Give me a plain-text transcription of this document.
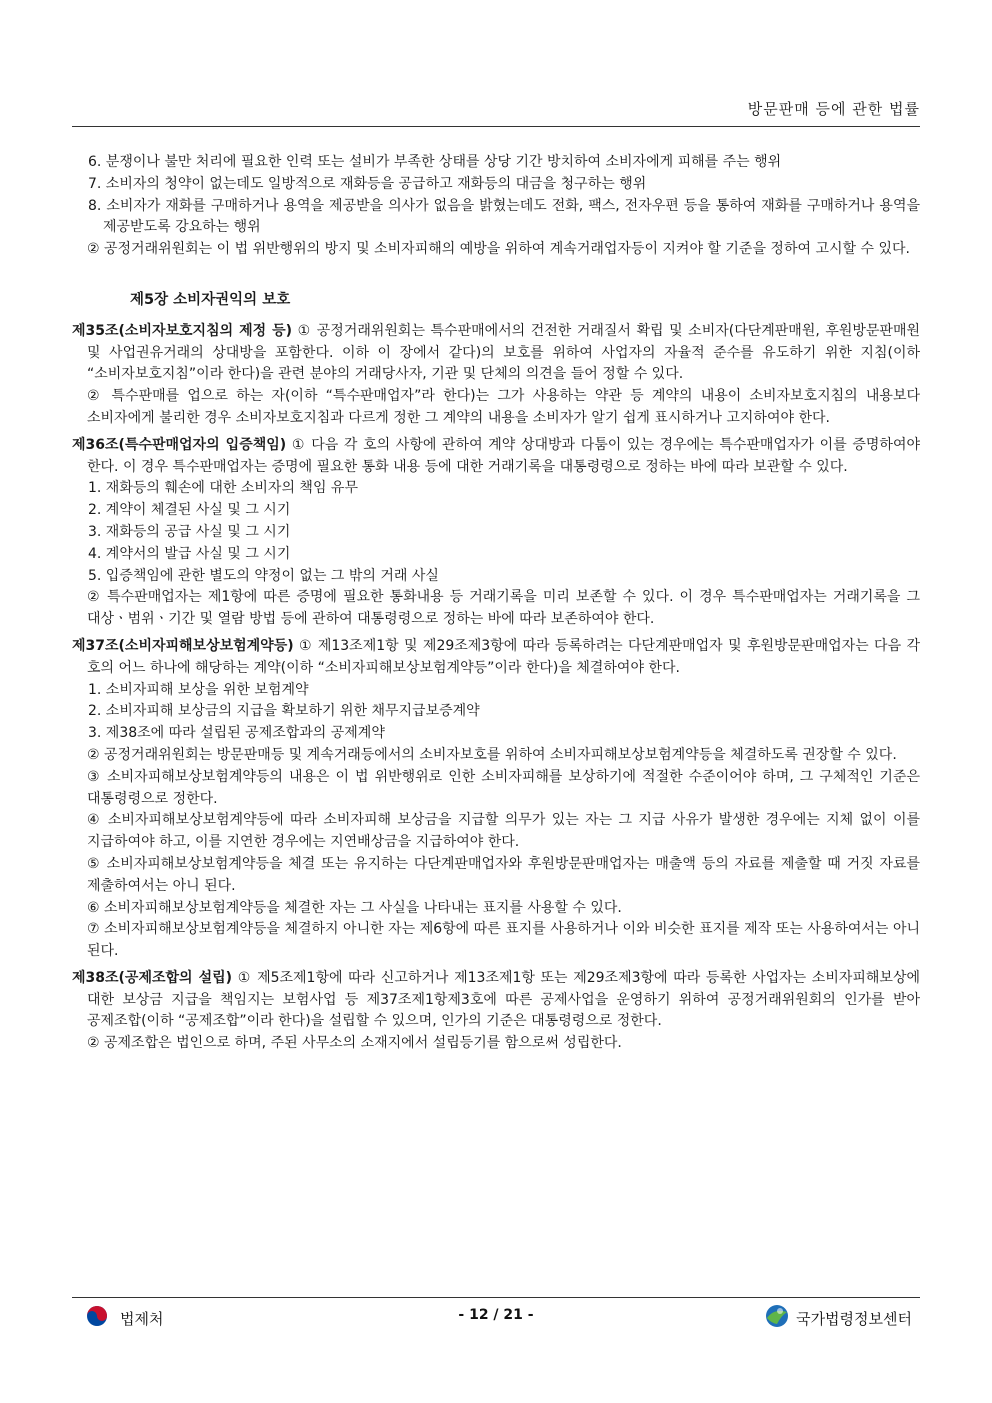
방문판매 등에 관한 법률

6. 분쟁이나 불만 처리에 필요한 인력 또는 설비가 부족한 상태를 상당 기간 방치하여 소비자에게 피해를 주는 행위

7. 소비자의 청약이 없는데도 일방적으로 재화등을 공급하고 재화등의 대금을 청구하는 행위

8. 소비자가 재화를 구매하거나 용역을 제공받을 의사가 없음을 밝혔는데도 전화, 팩스, 전자우편 등을 통하여 재화를 구매하거나 용역을 제공받도록 강요하는 행위

② 공정거래위원회는 이 법 위반행위의 방지 및 소비자피해의 예방을 위하여 계속거래업자등이 지켜야 할 기준을 정하여 고시할 수 있다.

제5장 소비자권익의 보호

제35조(소비자보호지침의 제정 등) ① 공정거래위원회는 특수판매에서의 건전한 거래질서 확립 및 소비자(다단계판매원, 후원방문판매원 및 사업권유거래의 상대방을 포함한다. 이하 이 장에서 같다)의 보호를 위하여 사업자의 자율적 준수를 유도하기 위한 지침(이하 “소비자보호지침”이라 한다)을 관련 분야의 거래당사자, 기관 및 단체의 의견을 들어 정할 수 있다.

② 특수판매를 업으로 하는 자(이하 “특수판매업자”라 한다)는 그가 사용하는 약관 등 계약의 내용이 소비자보호지침의 내용보다 소비자에게 불리한 경우 소비자보호지침과 다르게 정한 그 계약의 내용을 소비자가 알기 쉽게 표시하거나 고지하여야 한다.

제36조(특수판매업자의 입증책임) ① 다음 각 호의 사항에 관하여 계약 상대방과 다툼이 있는 경우에는 특수판매업자가 이를 증명하여야 한다. 이 경우 특수판매업자는 증명에 필요한 통화 내용 등에 대한 거래기록을 대통령령으로 정하는 바에 따라 보관할 수 있다.

1. 재화등의 훼손에 대한 소비자의 책임 유무

2. 계약이 체결된 사실 및 그 시기

3. 재화등의 공급 사실 및 그 시기

4. 계약서의 발급 사실 및 그 시기

5. 입증책임에 관한 별도의 약정이 없는 그 밖의 거래 사실

② 특수판매업자는 제1항에 따른 증명에 필요한 통화내용 등 거래기록을 미리 보존할 수 있다. 이 경우 특수판매업자는 거래기록을 그 대상ㆍ범위ㆍ기간 및 열람 방법 등에 관하여 대통령령으로 정하는 바에 따라 보존하여야 한다.

제37조(소비자피해보상보험계약등) ① 제13조제1항 및 제29조제3항에 따라 등록하려는 다단계판매업자 및 후원방문판매업자는 다음 각 호의 어느 하나에 해당하는 계약(이하 “소비자피해보상보험계약등”이라 한다)을 체결하여야 한다.

1. 소비자피해 보상을 위한 보험계약

2. 소비자피해 보상금의 지급을 확보하기 위한 채무지급보증계약

3. 제38조에 따라 설립된 공제조합과의 공제계약

② 공정거래위원회는 방문판매등 및 계속거래등에서의 소비자보호를 위하여 소비자피해보상보험계약등을 체결하도록 권장할 수 있다.

③ 소비자피해보상보험계약등의 내용은 이 법 위반행위로 인한 소비자피해를 보상하기에 적절한 수준이어야 하며, 그 구체적인 기준은 대통령령으로 정한다.

④ 소비자피해보상보험계약등에 따라 소비자피해 보상금을 지급할 의무가 있는 자는 그 지급 사유가 발생한 경우에는 지체 없이 이를 지급하여야 하고, 이를 지연한 경우에는 지연배상금을 지급하여야 한다.

⑤ 소비자피해보상보험계약등을 체결 또는 유지하는 다단계판매업자와 후원방문판매업자는 매출액 등의 자료를 제출할 때 거짓 자료를 제출하여서는 아니 된다.

⑥ 소비자피해보상보험계약등을 체결한 자는 그 사실을 나타내는 표지를 사용할 수 있다.

⑦ 소비자피해보상보험계약등을 체결하지 아니한 자는 제6항에 따른 표지를 사용하거나 이와 비슷한 표지를 제작 또는 사용하여서는 아니 된다.

제38조(공제조합의 설립) ① 제5조제1항에 따라 신고하거나 제13조제1항 또는 제29조제3항에 따라 등록한 사업자는 소비자피해보상에 대한 보상금 지급을 책임지는 보험사업 등 제37조제1항제3호에 따른 공제사업을 운영하기 위하여 공정거래위원회의 인가를 받아 공제조합(이하 “공제조합”이라 한다)을 설립할 수 있으며, 인가의 기준은 대통령령으로 정한다.

② 공제조합은 법인으로 하며, 주된 사무소의 소재지에서 설립등기를 함으로써 성립한다.

법제처	- 12 / 21 -	국가법령정보센터
